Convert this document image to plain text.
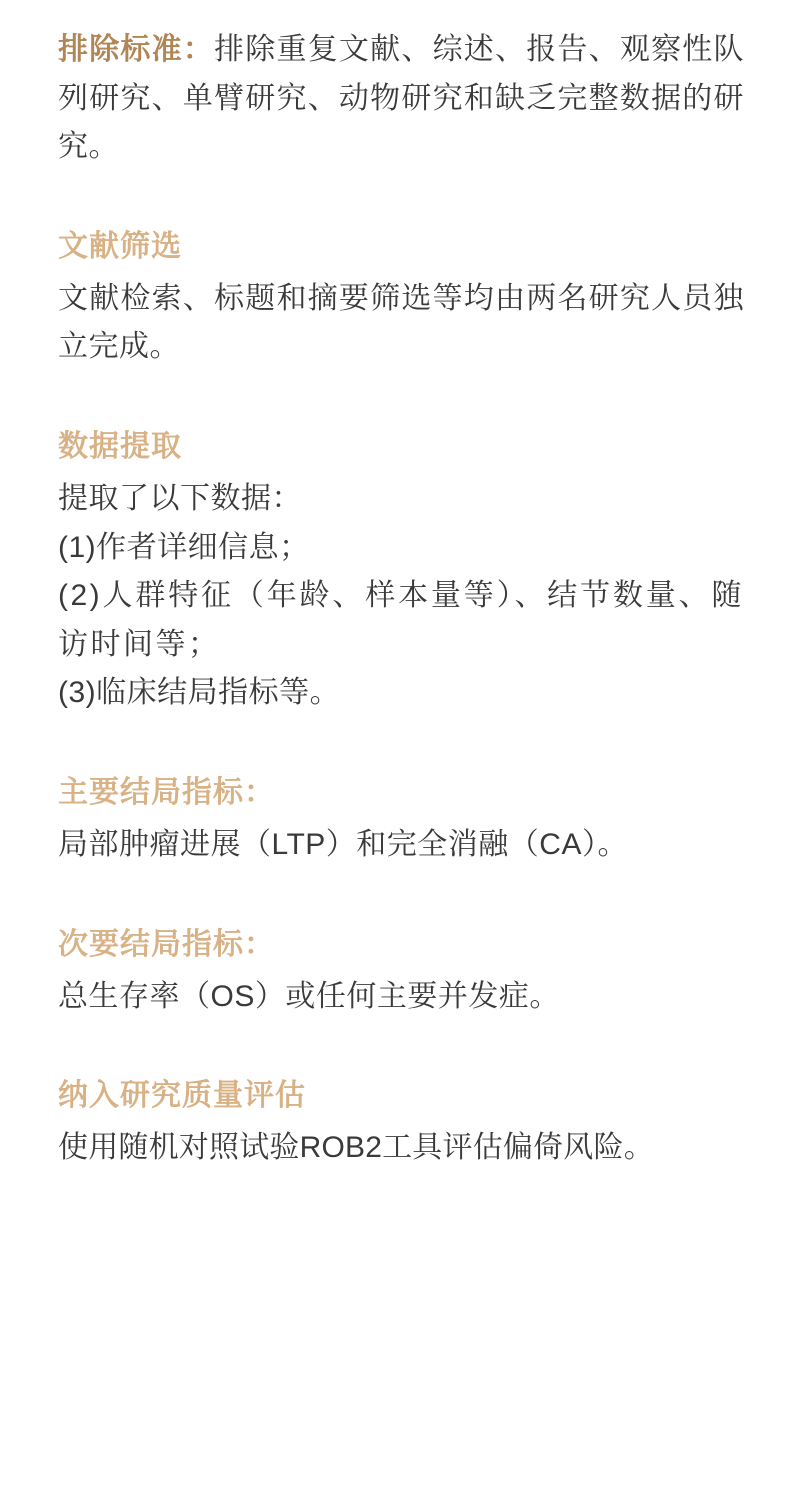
排除标准：排除重复文献、综述、报告、观察性队列研究、单臂研究、动物研究和缺乏完整数据的研究。

文献筛选

文献检索、标题和摘要筛选等均由两名研究人员独立完成。

数据提取

提取了以下数据：

(1)作者详细信息；

(2)人群特征（年龄、样本量等）、结节数量、随访时间等；

(3)临床结局指标等。

主要结局指标：

局部肿瘤进展（LTP）和完全消融（CA）。

次要结局指标：

总生存率（OS）或任何主要并发症。

纳入研究质量评估

使用随机对照试验ROB2工具评估偏倚风险。
